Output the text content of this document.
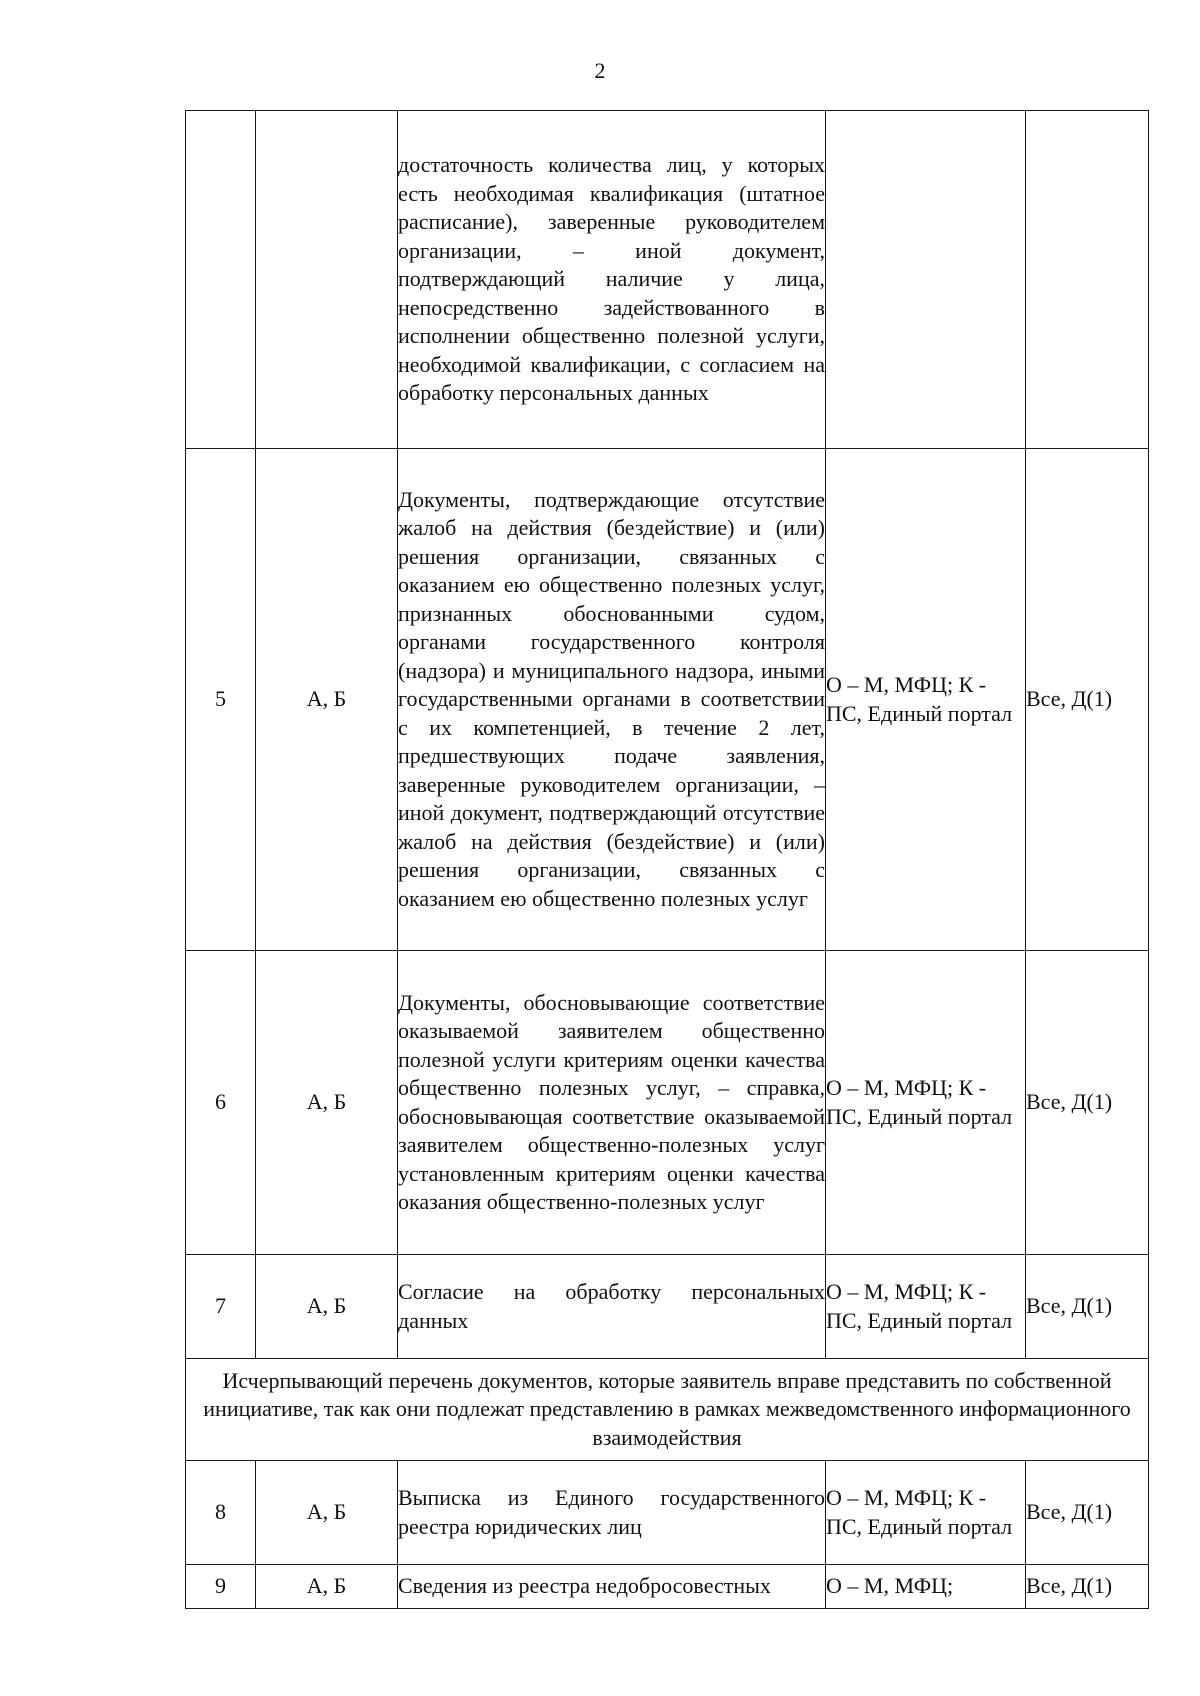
2
		достаточность количества лиц, у которых есть необходимая квалификация (штатное расписание), заверенные руководителем организации, – иной документ, подтверждающий наличие у лица, непосредственно задействованного в исполнении общественно полезной услуги, необходимой квалификации, с согласием на обработку персональных данных		
5	А, Б	Документы, подтверждающие отсутствие жалоб на действия (бездействие) и (или) решения организации, связанных с оказанием ею общественно полезных услуг, признанных обоснованными судом, органами государственного контроля (надзора) и муниципального надзора, иными государственными органами в соответствии с их компетенцией, в течение 2 лет, предшествующих подаче заявления, заверенные руководителем организации, – иной документ, подтверждающий отсутствие жалоб на действия (бездействие) и (или) решения организации, связанных с оказанием ею общественно полезных услуг	О – М, МФЦ; К - ПС, Единый портал	Все, Д(1)
6	А, Б	Документы, обосновывающие соответствие оказываемой заявителем общественно полезной услуги критериям оценки качества общественно полезных услуг, – справка, обосновывающая соответствие оказываемой заявителем общественно-полезных услуг установленным критериям оценки качества оказания общественно-полезных услуг	О – М, МФЦ; К - ПС, Единый портал	Все, Д(1)
7	А, Б	Согласие на обработку персональных данных	О – М, МФЦ; К - ПС, Единый портал	Все, Д(1)
Исчерпывающий перечень документов, которые заявитель вправе представить по собственной инициативе, так как они подлежат представлению в рамках межведомственного информационного взаимодействия				
8	А, Б	Выписка из Единого государственного реестра юридических лиц	О – М, МФЦ; К - ПС, Единый портал	Все, Д(1)
9	А, Б	Сведения из реестра недобросовестных	О – М, МФЦ;	Все, Д(1)
